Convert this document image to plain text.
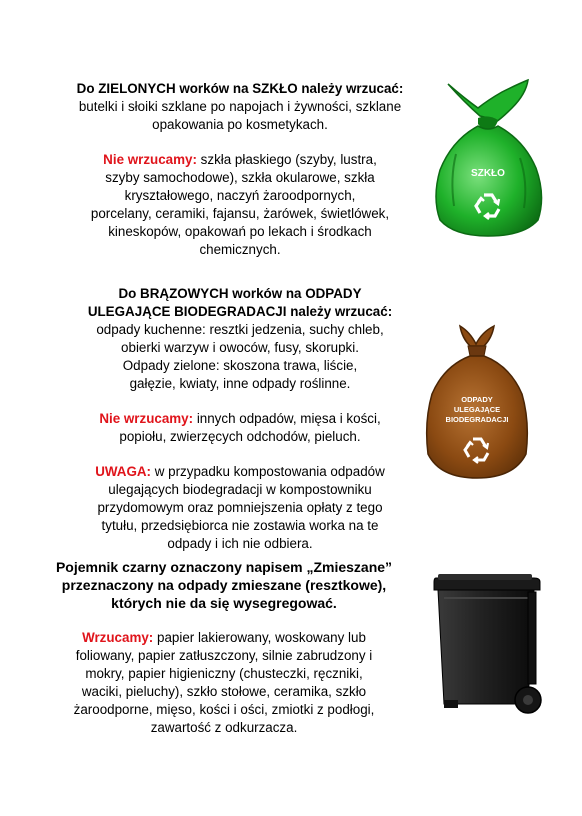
Do ZIELONYCH worków na SZKŁO należy wrzucać:

butelki i słoiki szklane po napojach i żywności, szklane

opakowania po kosmetykach.

Nie wrzucamy: szkła płaskiego (szyby, lustra,

szyby samochodowe), szkła okularowe, szkła

kryształowego, naczyń żaroodpornych,

porcelany, ceramiki, fajansu, żarówek, świetlówek,

kineskopów, opakowań po lekach i środkach

chemicznych.

SZKŁO

Do BRĄZOWYCH worków na ODPADY

ULEGAJĄCE BIODEGRADACJI należy wrzucać:

odpady kuchenne: resztki jedzenia, suchy chleb,

obierki warzyw i owoców, fusy, skorupki.

Odpady zielone: skoszona trawa, liście,

gałęzie, kwiaty, inne odpady roślinne.

Nie wrzucamy: innych odpadów, mięsa i kości,

popiołu, zwierzęcych odchodów, pieluch.

UWAGA: w przypadku kompostowania odpadów

ulegających biodegradacji w kompostowniku

przydomowym oraz pomniejszenia opłaty z tego

tytułu, przedsiębiorca nie zostawia worka na te

odpady i ich nie odbiera.

ODPADY
ULEGAJĄCE
BIODEGRADACJI

Pojemnik czarny oznaczony napisem „Zmieszane”

przeznaczony na odpady zmieszane (resztkowe),

których nie da się wysegregować.

Wrzucamy: papier lakierowany, woskowany lub

foliowany, papier zatłuszczony, silnie zabrudzony i

mokry, papier higieniczny (chusteczki, ręczniki,

waciki, pieluchy), szkło stołowe, ceramika, szkło

żaroodporne, mięso, kości i ości, zmiotki z podłogi,

zawartość z odkurzacza.
